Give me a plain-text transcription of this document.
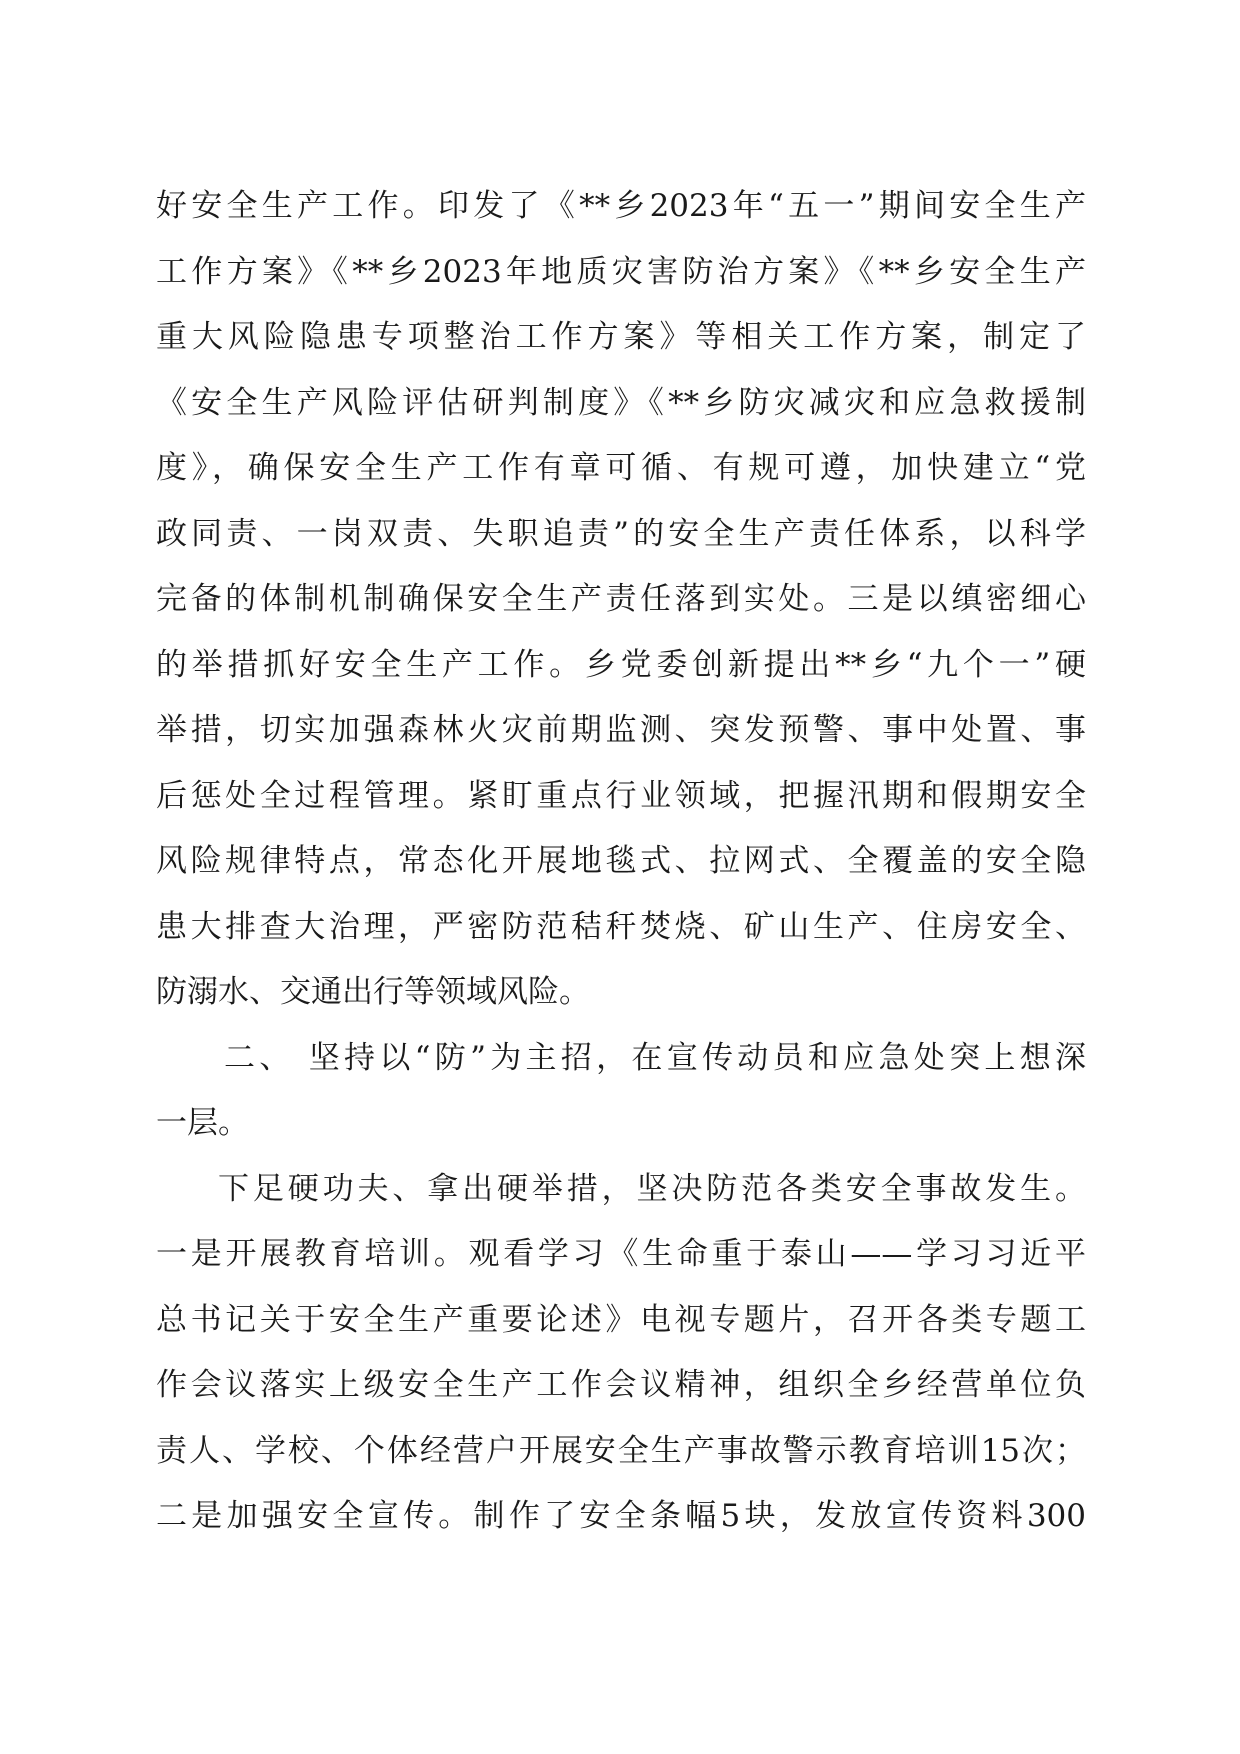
好安全生产工作。印发了《**乡2023年“五一”期间安全生产
工作方案》《**乡2023年地质灾害防治方案》《**乡安全生产
重大风险隐患专项整治工作方案》等相关工作方案，制定了
《安全生产风险评估研判制度》《**乡防灾减灾和应急救援制
度》，确保安全生产工作有章可循、有规可遵，加快建立“党
政同责、一岗双责、失职追责”的安全生产责任体系，以科学
完备的体制机制确保安全生产责任落到实处。三是以缜密细心
的举措抓好安全生产工作。乡党委创新提出**乡“九个一”硬
举措，切实加强森林火灾前期监测、突发预警、事中处置、事
后惩处全过程管理。紧盯重点行业领域，把握汛期和假期安全
风险规律特点，常态化开展地毯式、拉网式、全覆盖的安全隐
患大排查大治理，严密防范秸秆焚烧、矿山生产、住房安全、
防溺水、交通出行等领域风险。
二、 坚持以“防”为主招，在宣传动员和应急处突上想深
一层。
下足硬功夫、拿出硬举措，坚决防范各类安全事故发生。
一是开展教育培训。观看学习《生命重于泰山——学习习近平
总书记关于安全生产重要论述》电视专题片，召开各类专题工
作会议落实上级安全生产工作会议精神，组织全乡经营单位负
责人、学校、个体经营户开展安全生产事故警示教育培训15次；
二是加强安全宣传。制作了安全条幅5块，发放宣传资料300
